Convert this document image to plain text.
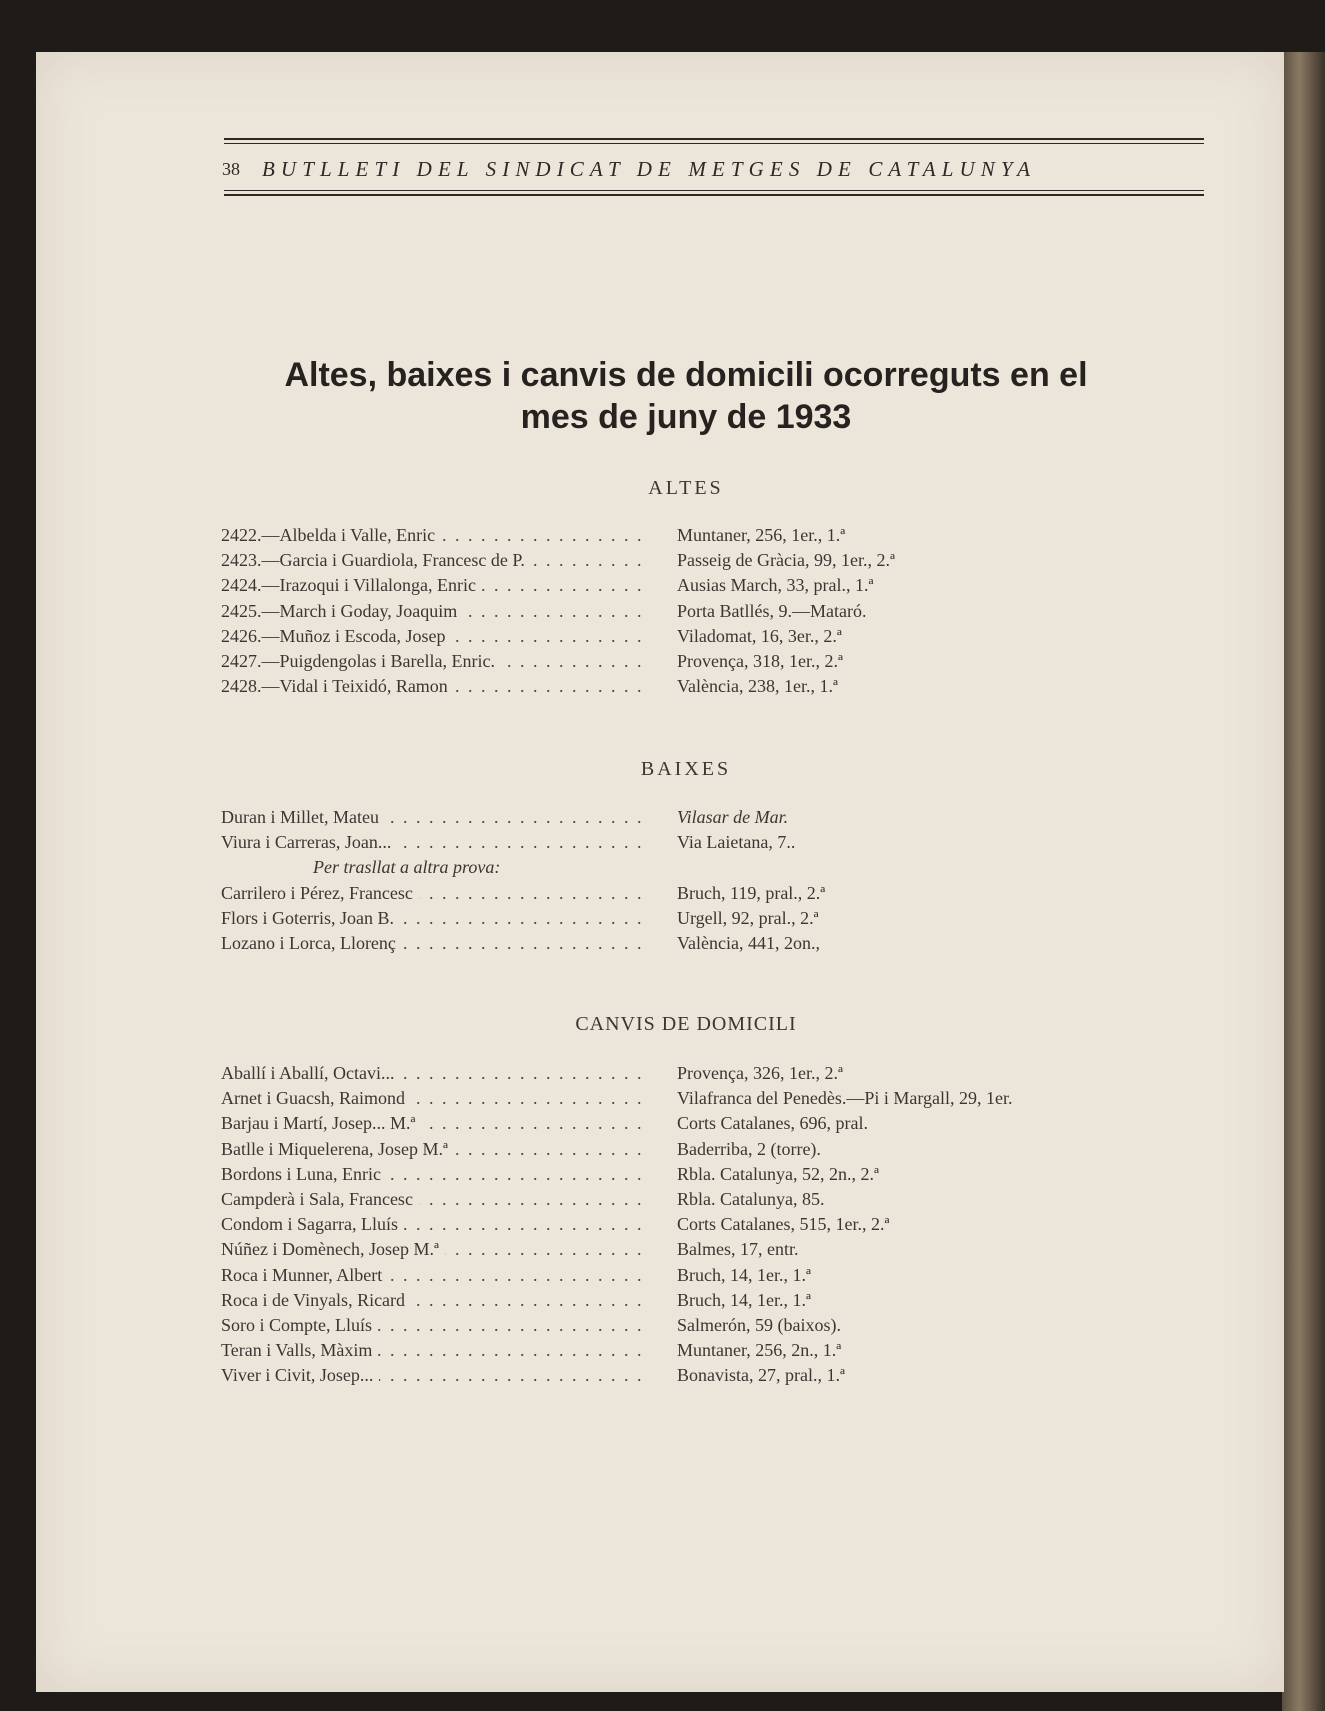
38	BUTLLETI DEL SINDICAT DE METGES DE CATALUNYA
Altes, baixes i canvis de domicili ocorreguts en el
mes de juny de 1933
ALTES
2422.—Albelda i Valle, Enric . . .	Muntaner, 256, 1er., 1.ª
2423.—Garcia i Guardiola, Francesc de P. . . .	Passeig de Gràcia, 99, 1er., 2.ª
2424.—Irazoqui i Villalonga, Enric . . .	Ausias March, 33, pral., 1.ª
2425.—March i Goday, Joaquim . . .	Porta Batllés, 9.—Mataró.
2426.—Muñoz i Escoda, Josep . . .	Viladomat, 16, 3er., 2.ª
2427.—Puigdengolas i Barella, Enric. . . .	Provença, 318, 1er., 2.ª
2428.—Vidal i Teixidó, Ramon . . .	València, 238, 1er., 1.ª
BAIXES
Duran i Millet, Mateu . . .	Vilasar de Mar.
Viura i Carreras, Joan... . . .	Via Laietana, 7..
Per trasllat a altra prova:
Carrilero i Pérez, Francesc . . .	Bruch, 119, pral., 2.ª
Flors i Goterris, Joan B. . . .	Urgell, 92, pral., 2.ª
Lozano i Lorca, Llorenç . . .	València, 441, 2on.,
CANVIS DE DOMICILI
Aballí i Aballí, Octavi... . . .	Provença, 326, 1er., 2.ª
Arnet i Guacsh, Raimond . . .	Vilafranca del Penedès.—Pi i Margall, 29, 1er.
Barjau i Martí, Josep... M.ª . . .	Corts Catalanes, 696, pral.
Batlle i Miquelerena, Josep M.ª . . .	Baderriba, 2 (torre).
Bordons i Luna, Enric . . .	Rbla. Catalunya, 52, 2n., 2.ª
Campderà i Sala, Francesc . . .	Rbla. Catalunya, 85.
Condom i Sagarra, Lluís . . .	Corts Catalanes, 515, 1er., 2.ª
Núñez i Domènech, Josep M.ª . . .	Balmes, 17, entr.
Roca i Munner, Albert . . .	Bruch, 14, 1er., 1.ª
Roca i de Vinyals, Ricard . . .	Bruch, 14, 1er., 1.ª
Soro i Compte, Lluís . . .	Salmerón, 59 (baixos).
Teran i Valls, Màxim . . .	Muntaner, 256, 2n., 1.ª
Viver i Civit, Josep... . . .	Bonavista, 27, pral., 1.ª
